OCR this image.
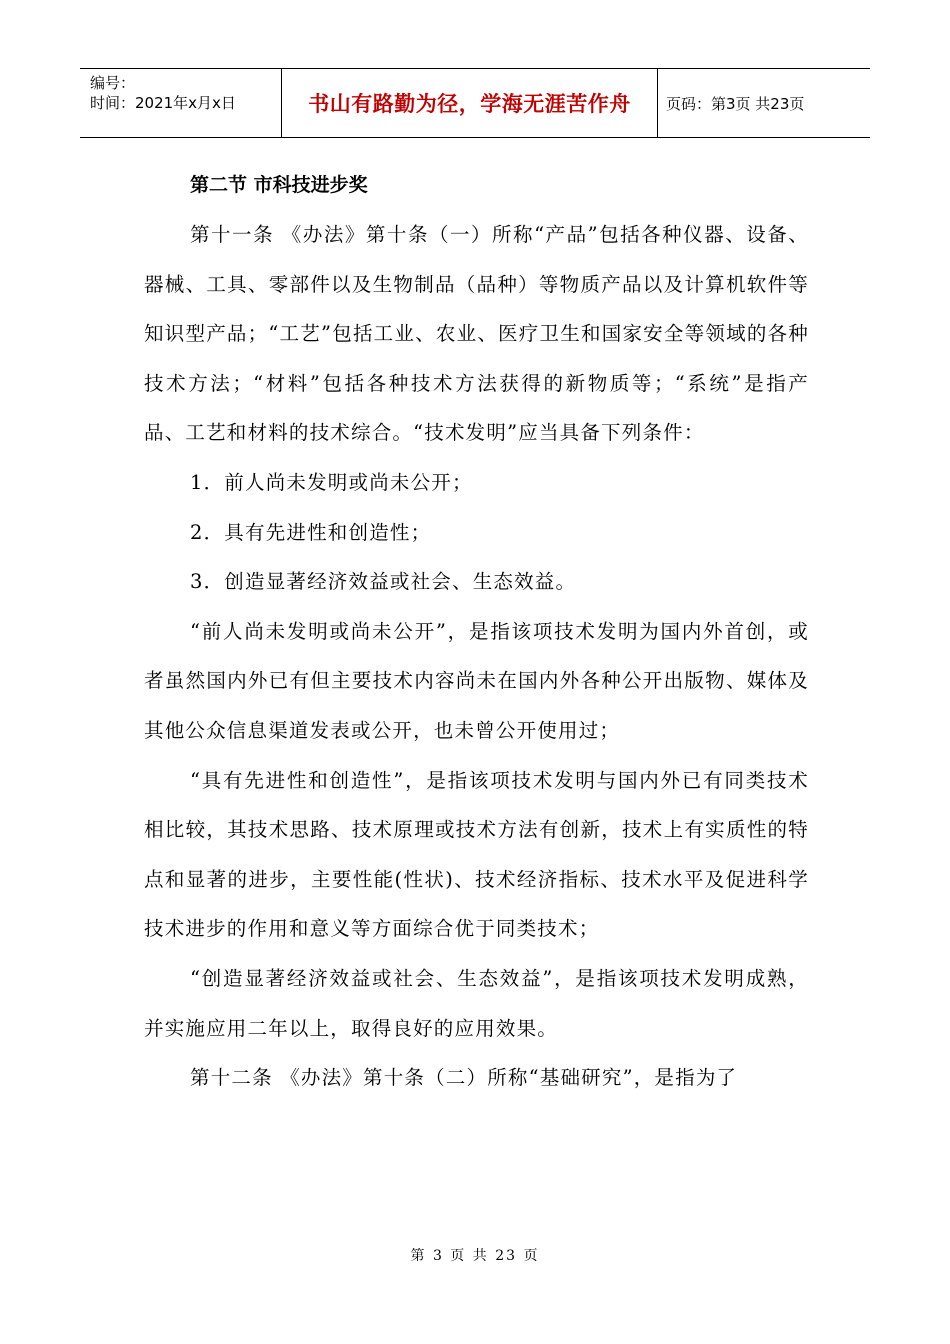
编号：
时间：2021年x月x日	书山有路勤为径，学海无涯苦作舟	页码：第3页 共23页
第二节 市科技进步奖

第十一条 《办法》第十条（一）所称“产品”包括各种仪器、设备、器械、工具、零部件以及生物制品（品种）等物质产品以及计算机软件等知识型产品；“工艺”包括工业、农业、医疗卫生和国家安全等领域的各种技术方法；“材料”包括各种技术方法获得的新物质等；“系统”是指产品、工艺和材料的技术综合。“技术发明”应当具备下列条件：

1．前人尚未发明或尚未公开；

2．具有先进性和创造性；

3．创造显著经济效益或社会、生态效益。

“前人尚未发明或尚未公开”，是指该项技术发明为国内外首创，或者虽然国内外已有但主要技术内容尚未在国内外各种公开出版物、媒体及其他公众信息渠道发表或公开，也未曾公开使用过；

“具有先进性和创造性”，是指该项技术发明与国内外已有同类技术相比较，其技术思路、技术原理或技术方法有创新，技术上有实质性的特点和显著的进步，主要性能(性状)、技术经济指标、技术水平及促进科学技术进步的作用和意义等方面综合优于同类技术；

“创造显著经济效益或社会、生态效益”，是指该项技术发明成熟，并实施应用二年以上，取得良好的应用效果。

第十二条 《办法》第十条（二）所称“基础研究”，是指为了

第 3 页 共 23 页
